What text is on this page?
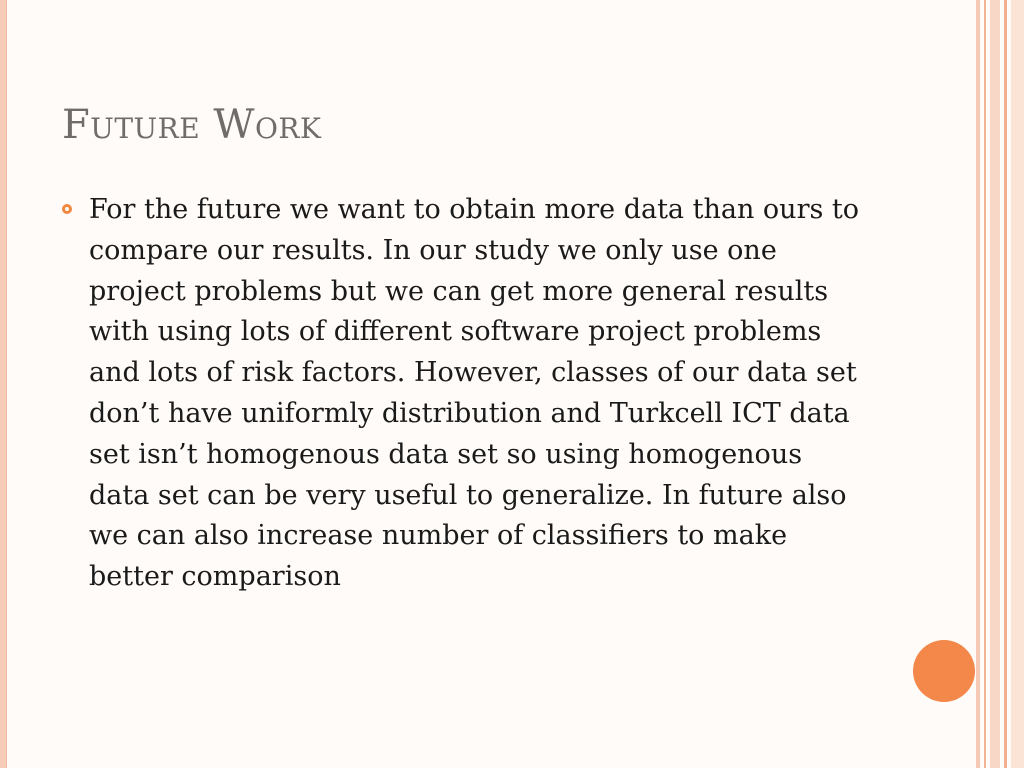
Future Work

For the future we want to obtain more data than ours to compare our results. In our study we only use one project problems but we can get more general results with using lots of different software project problems and lots of risk factors. However, classes of our data set don’t have uniformly distribution and Turkcell ICT data set isn’t homogenous data set so using homogenous data set can be very useful to generalize. In future also we can also increase number of classifiers to make better comparison
